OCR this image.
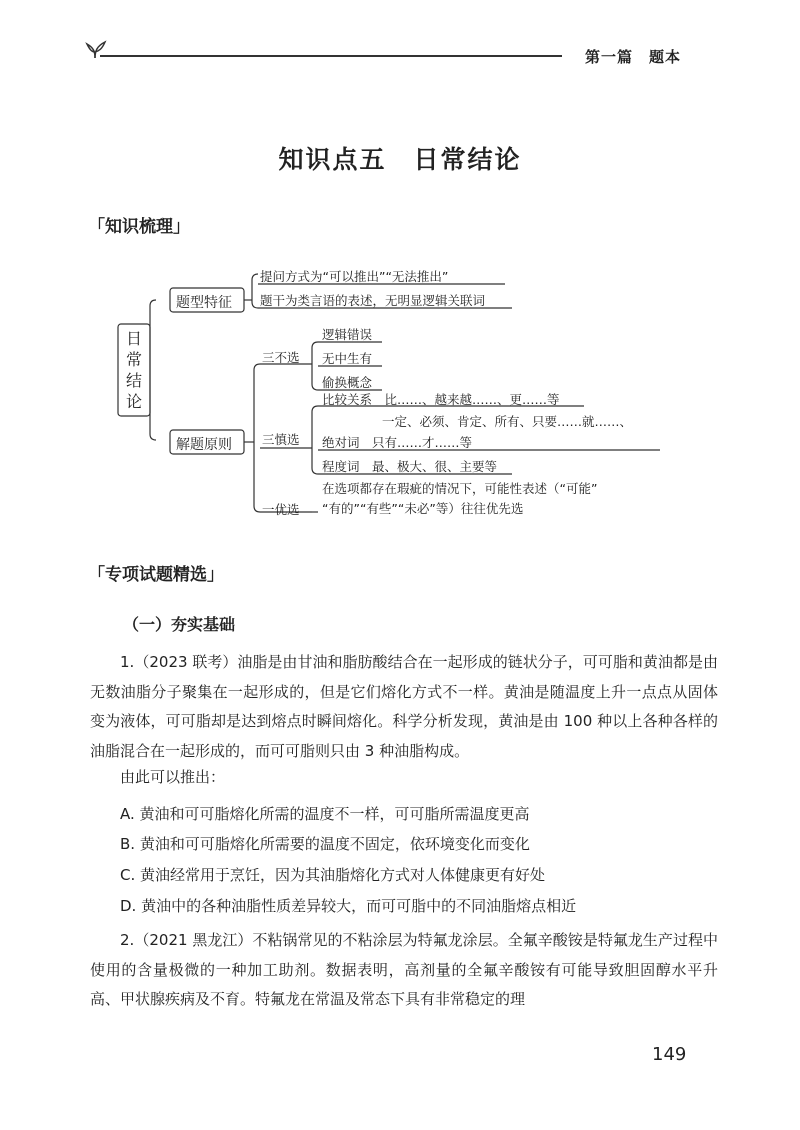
第一篇　题本
知识点五　日常结论
「知识梳理」
日常结论
题型特征
解题原则
提问方式为“可以推出”“无法推出”
题干为类言语的表述，无明显逻辑关联词
三不选
逻辑错误
无中生有
偷换概念
三慎选
比较关系　比……、越来越……、更……等
一定、必须、肯定、所有、只要……就……、
绝对词　只有……才……等
程度词　最、极大、很、主要等
一优选
在选项都存在瑕疵的情况下，可能性表述（“可能”
“有的”“有些”“未必”等）往往优先选
「专项试题精选」
（一）夯实基础
1.（2023 联考）油脂是由甘油和脂肪酸结合在一起形成的链状分子，可可脂和黄油都是由无数油脂分子聚集在一起形成的，但是它们熔化方式不一样。黄油是随温度上升一点点从固体变为液体，可可脂却是达到熔点时瞬间熔化。科学分析发现，黄油是由 100 种以上各种各样的油脂混合在一起形成的，而可可脂则只由 3 种油脂构成。
由此可以推出：
A. 黄油和可可脂熔化所需的温度不一样，可可脂所需温度更高
B. 黄油和可可脂熔化所需要的温度不固定，依环境变化而变化
C. 黄油经常用于烹饪，因为其油脂熔化方式对人体健康更有好处
D. 黄油中的各种油脂性质差异较大，而可可脂中的不同油脂熔点相近
2.（2021 黑龙江）不粘锅常见的不粘涂层为特氟龙涂层。全氟辛酸铵是特氟龙生产过程中使用的含量极微的一种加工助剂。数据表明，高剂量的全氟辛酸铵有可能导致胆固醇水平升高、甲状腺疾病及不育。特氟龙在常温及常态下具有非常稳定的理
149
